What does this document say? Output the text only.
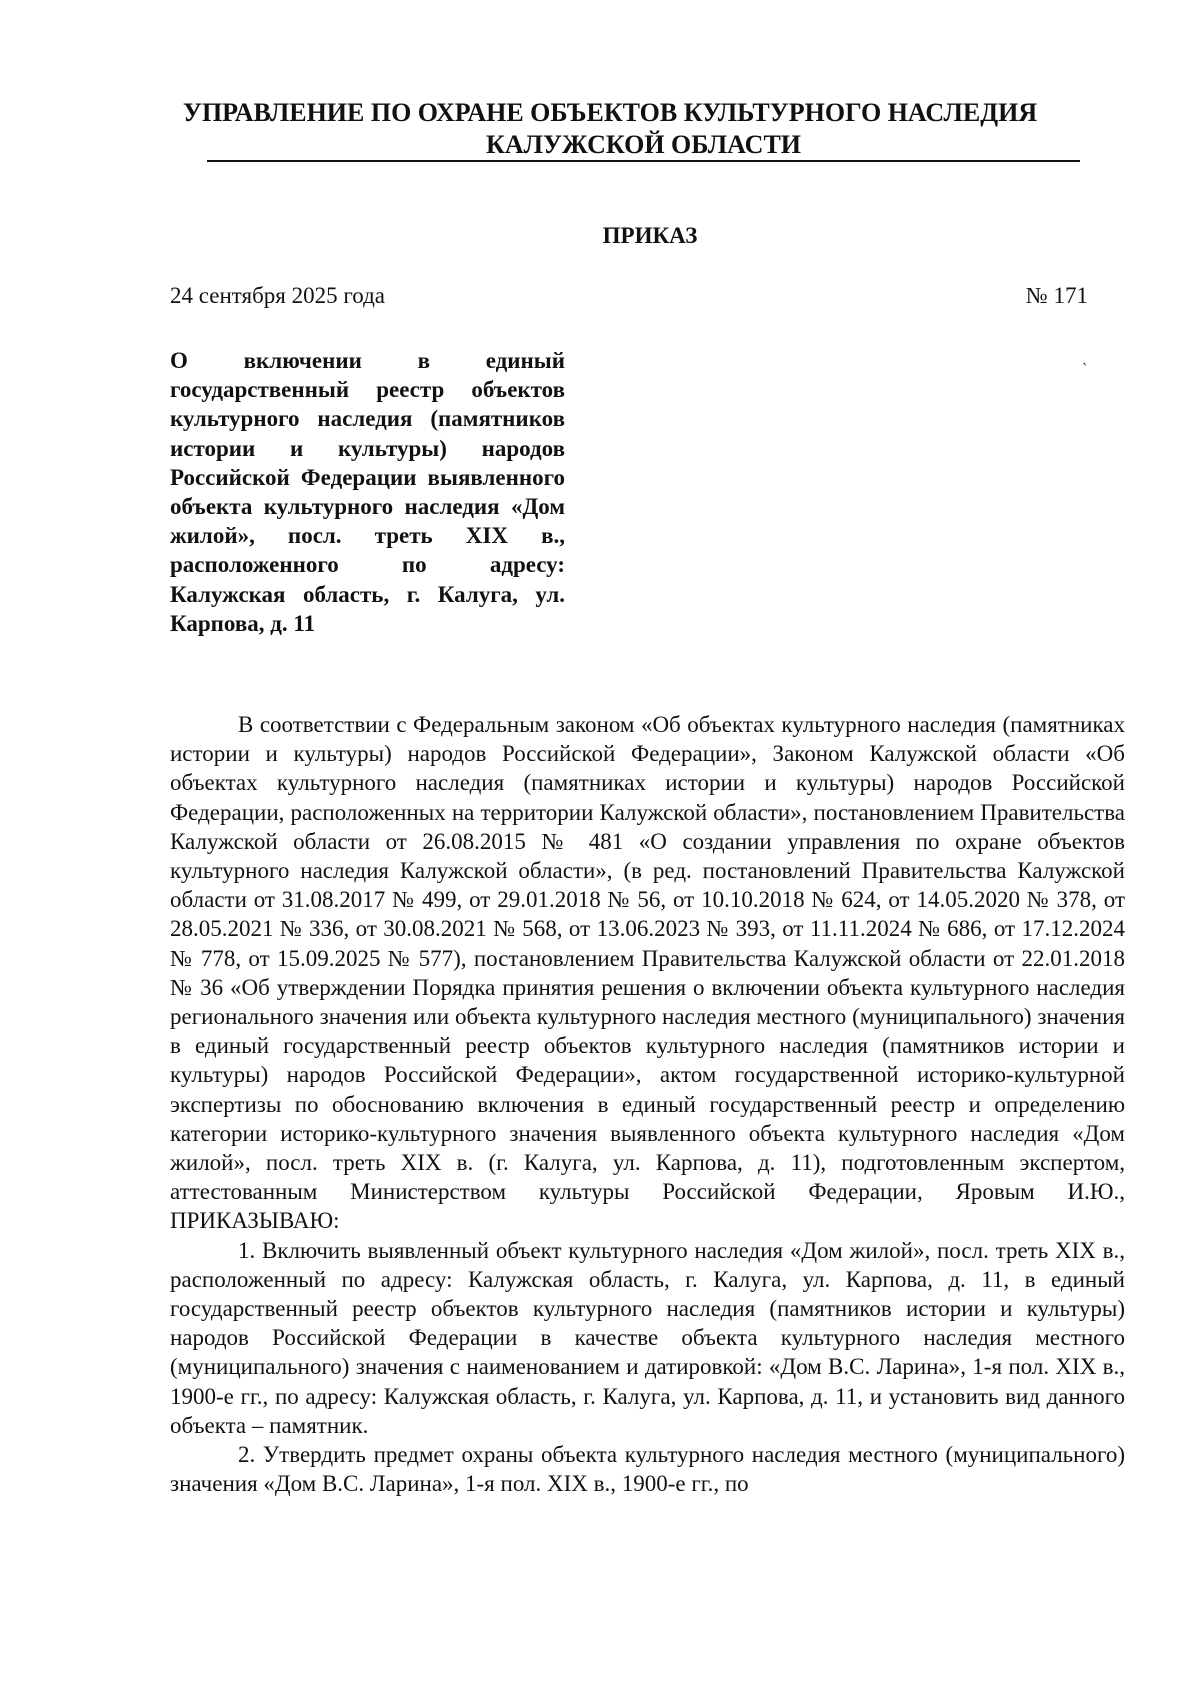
УПРАВЛЕНИЕ ПО ОХРАНЕ ОБЪЕКТОВ КУЛЬТУРНОГО НАСЛЕДИЯ
КАЛУЖСКОЙ ОБЛАСТИ
ПРИКАЗ
24 сентября 2025 года	№ 171
ˏ
О включении в единый государственный реестр объектов культурного наследия (памятников истории и культуры) народов Российской Федерации выявленного объекта культурного наследия «Дом жилой», посл. треть XIX в., расположенного по адресу: Калужская область, г. Калуга, ул. Карпова, д. 11

В соответствии с Федеральным законом «Об объектах культурного наследия (памятниках истории и культуры) народов Российской Федерации», Законом Калужской области «Об объектах культурного наследия (памятниках истории и культуры) народов Российской Федерации, расположенных на территории Калужской области», постановлением Правительства Калужской области от 26.08.2015 № 481 «О создании управления по охране объектов культурного наследия Калужской области», (в ред. постановлений Правительства Калужской области от 31.08.2017 № 499, от 29.01.2018 № 56, от 10.10.2018 № 624, от 14.05.2020 № 378, от 28.05.2021 № 336, от 30.08.2021 № 568, от 13.06.2023 № 393, от 11.11.2024 № 686, от 17.12.2024 № 778, от 15.09.2025 № 577), постановлением Правительства Калужской области от 22.01.2018 № 36 «Об утверждении Порядка принятия решения о включении объекта культурного наследия регионального значения или объекта культурного наследия местного (муниципального) значения в единый государственный реестр объектов культурного наследия (памятников истории и культуры) народов Российской Федерации», актом государственной историко-культурной экспертизы по обоснованию включения в единый государственный реестр и определению категории историко-культурного значения выявленного объекта культурного наследия «Дом жилой», посл. треть XIX в. (г. Калуга, ул. Карпова, д. 11), подготовленным экспертом, аттестованным Министерством культуры Российской Федерации, Яровым И.Ю., ПРИКАЗЫВАЮ:

1. Включить выявленный объект культурного наследия «Дом жилой», посл. треть XIX в., расположенный по адресу: Калужская область, г. Калуга, ул. Карпова, д. 11, в единый государственный реестр объектов культурного наследия (памятников истории и культуры) народов Российской Федерации в качестве объекта культурного наследия местного (муниципального) значения с наименованием и датировкой: «Дом В.С. Ларина», 1-я пол. XIX в., 1900-е гг., по адресу: Калужская область, г. Калуга, ул. Карпова, д. 11, и установить вид данного объекта – памятник.

2. Утвердить предмет охраны объекта культурного наследия местного (муниципального) значения «Дом В.С. Ларина», 1-я пол. XIX в., 1900-е гг., по
